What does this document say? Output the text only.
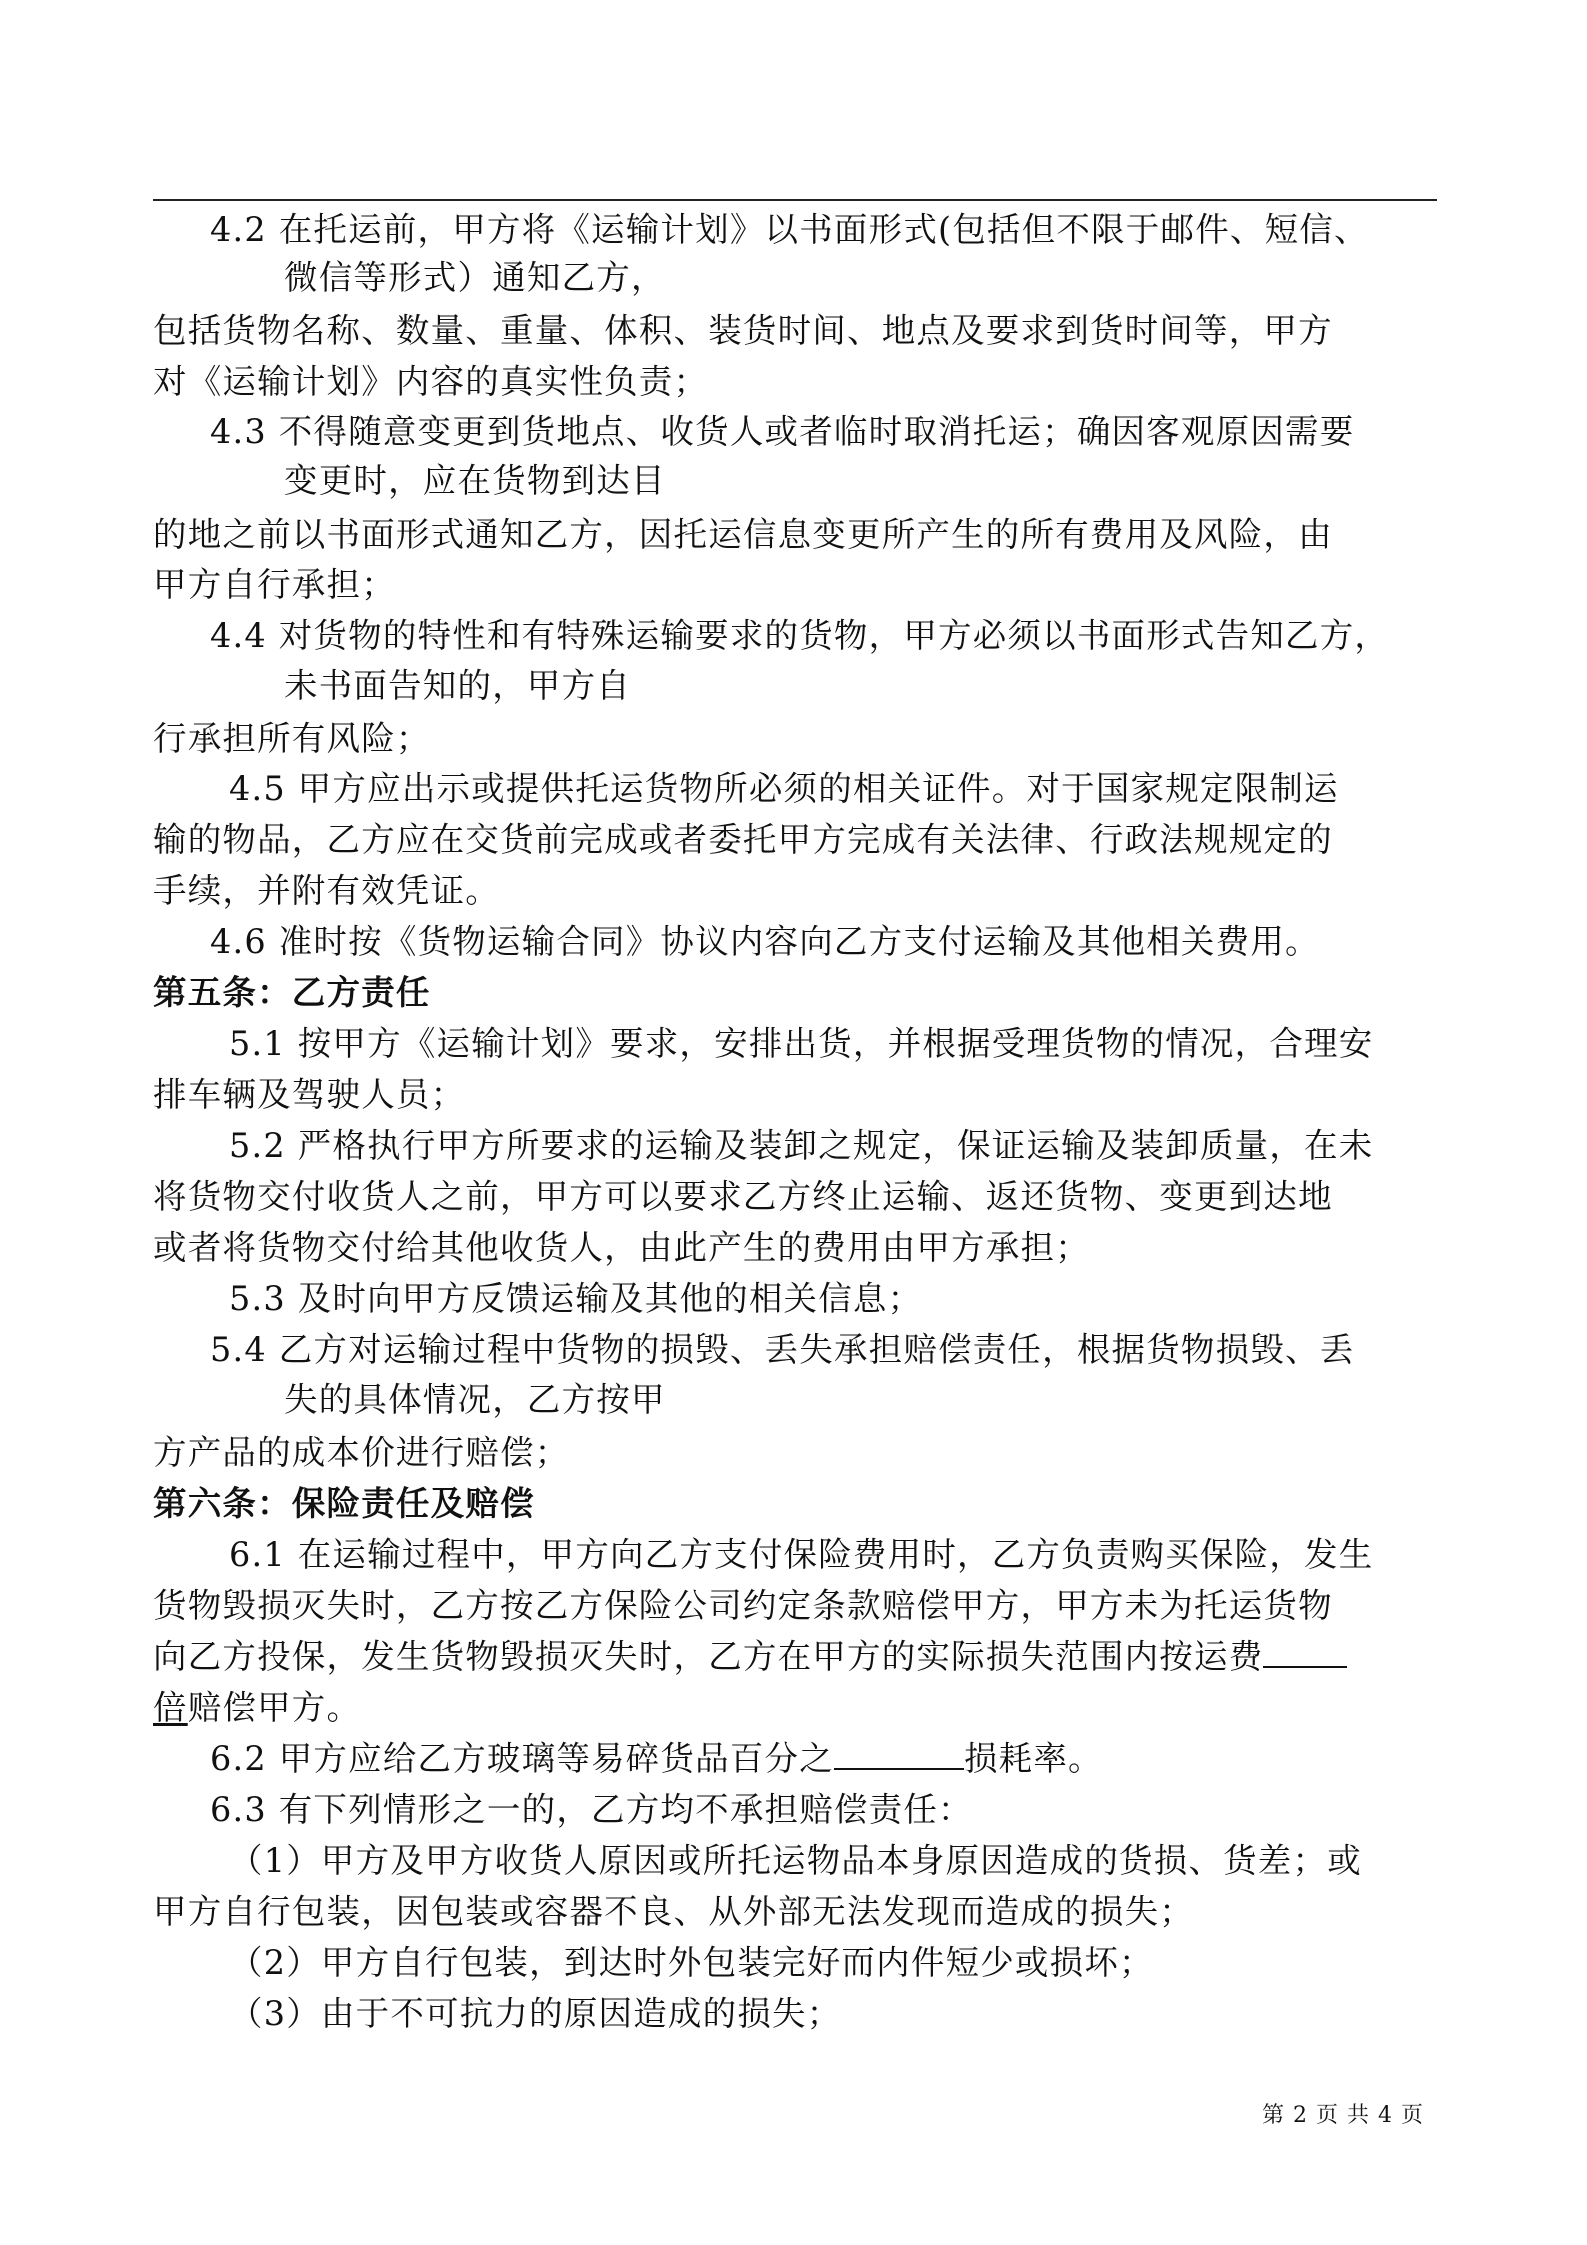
4.2 在托运前，甲方将《运输计划》以书面形式(包括但不限于邮件、短信、
微信等形式）通知乙方，
包括货物名称、数量、重量、体积、装货时间、地点及要求到货时间等，甲方
对《运输计划》内容的真实性负责；
4.3 不得随意变更到货地点、收货人或者临时取消托运；确因客观原因需要
变更时，应在货物到达目
的地之前以书面形式通知乙方，因托运信息变更所产生的所有费用及风险，由
甲方自行承担；
4.4 对货物的特性和有特殊运输要求的货物，甲方必须以书面形式告知乙方，
未书面告知的，甲方自
行承担所有风险；
4.5 甲方应出示或提供托运货物所必须的相关证件。对于国家规定限制运
输的物品，乙方应在交货前完成或者委托甲方完成有关法律、行政法规规定的
手续，并附有效凭证。
4.6 准时按《货物运输合同》协议内容向乙方支付运输及其他相关费用。
第五条：乙方责任
5.1 按甲方《运输计划》要求，安排出货，并根据受理货物的情况，合理安
排车辆及驾驶人员；
5.2 严格执行甲方所要求的运输及装卸之规定，保证运输及装卸质量，在未
将货物交付收货人之前，甲方可以要求乙方终止运输、返还货物、变更到达地
或者将货物交付给其他收货人，由此产生的费用由甲方承担；
5.3 及时向甲方反馈运输及其他的相关信息；
5.4 乙方对运输过程中货物的损毁、丢失承担赔偿责任，根据货物损毁、丢
失的具体情况，乙方按甲
方产品的成本价进行赔偿；
第六条：保险责任及赔偿
6.1 在运输过程中，甲方向乙方支付保险费用时，乙方负责购买保险，发生
货物毁损灭失时，乙方按乙方保险公司约定条款赔偿甲方，甲方未为托运货物
向乙方投保，发生货物毁损灭失时，乙方在甲方的实际损失范围内按运费
倍赔偿甲方。
6.2 甲方应给乙方玻璃等易碎货品百分之	损耗率。
6.3 有下列情形之一的，乙方均不承担赔偿责任：
（1）甲方及甲方收货人原因或所托运物品本身原因造成的货损、货差；或
甲方自行包装，因包装或容器不良、从外部无法发现而造成的损失；
（2）甲方自行包装，到达时外包装完好而内件短少或损坏；
（3）由于不可抗力的原因造成的损失；
第 2 页 共 4 页
